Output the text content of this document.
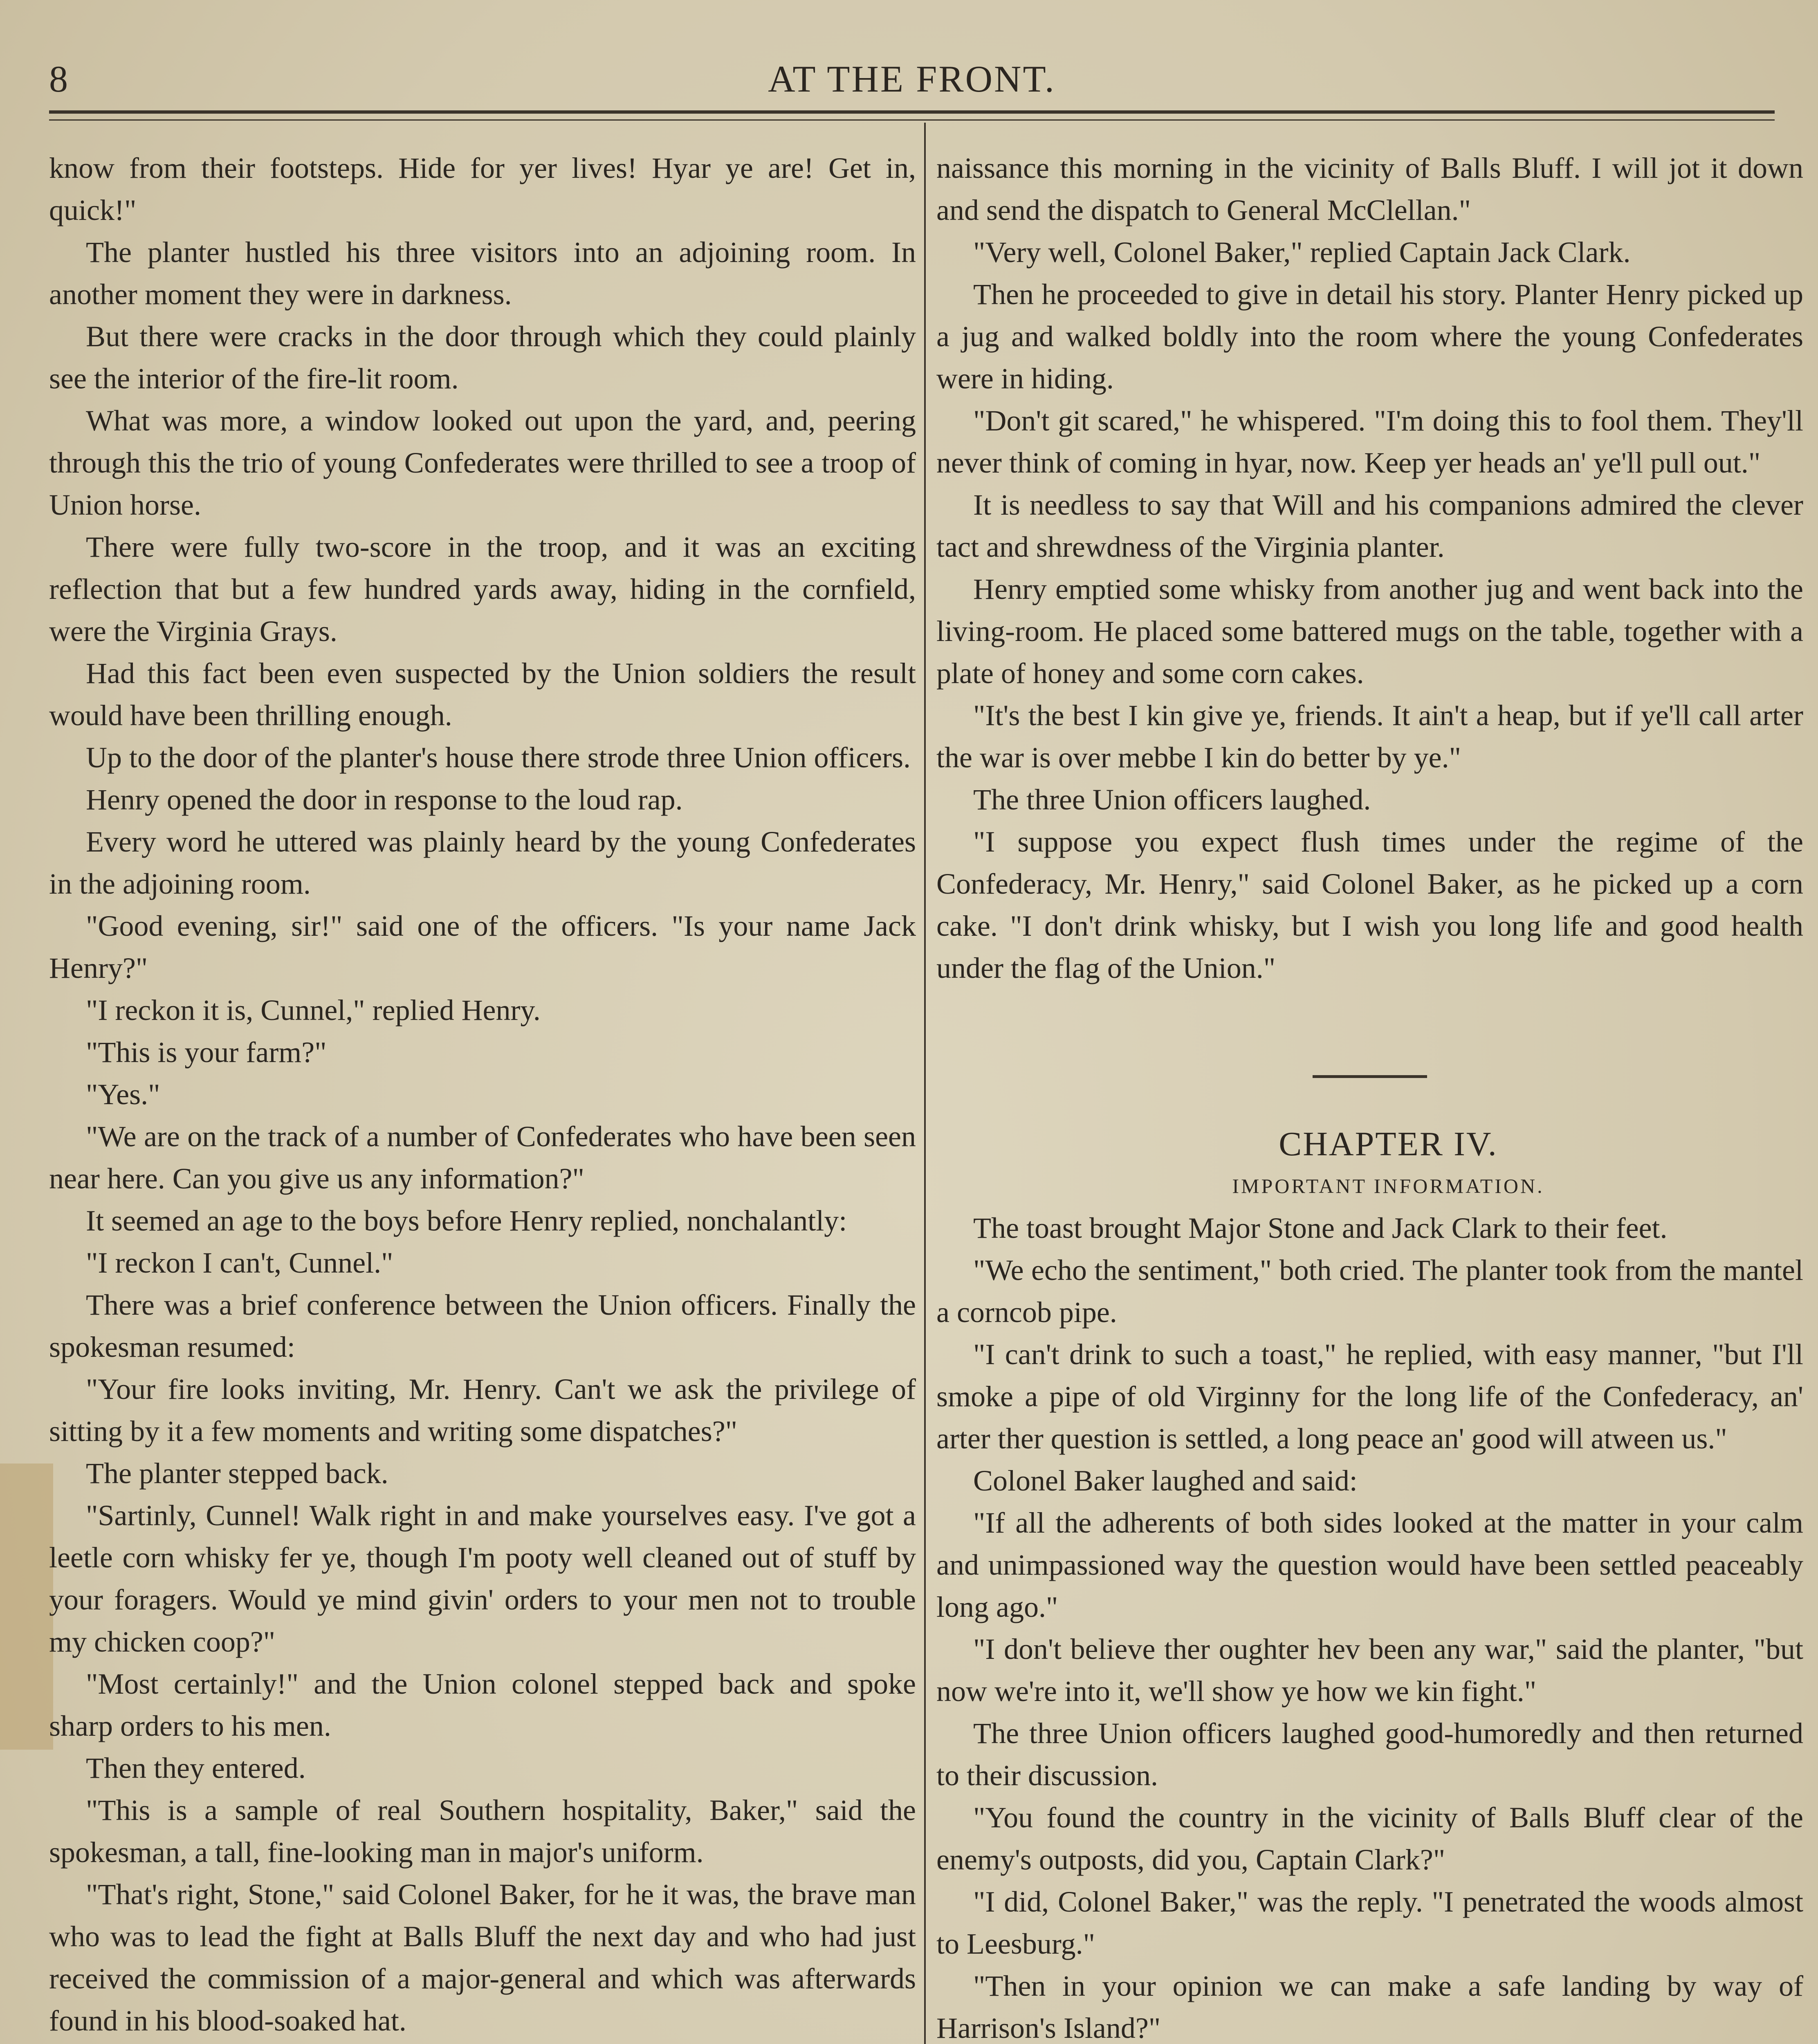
8	AT THE FRONT.

know from their footsteps. Hide for yer lives! Hyar ye are! Get in, quick!"

The planter hustled his three visitors into an adjoining room. In another moment they were in darkness.

But there were cracks in the door through which they could plainly see the interior of the fire-lit room.

What was more, a window looked out upon the yard, and, peering through this the trio of young Confederates were thrilled to see a troop of Union horse.

There were fully two-score in the troop, and it was an exciting reflection that but a few hundred yards away, hiding in the cornfield, were the Virginia Grays.

Had this fact been even suspected by the Union soldiers the result would have been thrilling enough.

Up to the door of the planter's house there strode three Union officers.

Henry opened the door in response to the loud rap.

Every word he uttered was plainly heard by the young Confederates in the adjoining room.

"Good evening, sir!" said one of the officers. "Is your name Jack Henry?"

"I reckon it is, Cunnel," replied Henry.

"This is your farm?"

"Yes."

"We are on the track of a number of Confederates who have been seen near here. Can you give us any information?"

It seemed an age to the boys before Henry replied, nonchalantly:

"I reckon I can't, Cunnel."

There was a brief conference between the Union officers. Finally the spokesman resumed:

"Your fire looks inviting, Mr. Henry. Can't we ask the privilege of sitting by it a few moments and writing some dispatches?"

The planter stepped back.

"Sartinly, Cunnel! Walk right in and make yourselves easy. I've got a leetle corn whisky fer ye, though I'm pooty well cleaned out of stuff by your foragers. Would ye mind givin' orders to your men not to trouble my chicken coop?"

"Most certainly!" and the Union colonel stepped back and spoke sharp orders to his men.

Then they entered.

"This is a sample of real Southern hospitality, Baker," said the spokesman, a tall, fine-looking man in major's uniform.

"That's right, Stone," said Colonel Baker, for he it was, the brave man who was to lead the fight at Balls Bluff the next day and who had just received the commission of a major-general and which was afterwards found in his blood-soaked hat.

naissance this morning in the vicinity of Balls Bluff. I will jot it down and send the dispatch to General McClellan."

"Very well, Colonel Baker," replied Captain Jack Clark.

Then he proceeded to give in detail his story. Planter Henry picked up a jug and walked boldly into the room where the young Confederates were in hiding.

"Don't git scared," he whispered. "I'm doing this to fool them. They'll never think of coming in hyar, now. Keep yer heads an' ye'll pull out."

It is needless to say that Will and his companions admired the clever tact and shrewdness of the Virginia planter.

Henry emptied some whisky from another jug and went back into the living-room. He placed some battered mugs on the table, together with a plate of honey and some corn cakes.

"It's the best I kin give ye, friends. It ain't a heap, but if ye'll call arter the war is over mebbe I kin do better by ye."

The three Union officers laughed.

"I suppose you expect flush times under the regime of the Confederacy, Mr. Henry," said Colonel Baker, as he picked up a corn cake. "I don't drink whisky, but I wish you long life and good health under the flag of the Union."

CHAPTER IV.

IMPORTANT INFORMATION.

The toast brought Major Stone and Jack Clark to their feet.

"We echo the sentiment," both cried. The planter took from the mantel a corncob pipe.

"I can't drink to such a toast," he replied, with easy manner, "but I'll smoke a pipe of old Virginny for the long life of the Confederacy, an' arter ther question is settled, a long peace an' good will atween us."

Colonel Baker laughed and said:

"If all the adherents of both sides looked at the matter in your calm and unimpassioned way the question would have been settled peaceably long ago."

"I don't believe ther oughter hev been any war," said the planter, "but now we're into it, we'll show ye how we kin fight."

The three Union officers laughed good-humoredly and then returned to their discussion.

"You found the country in the vicinity of Balls Bluff clear of the enemy's outposts, did you, Captain Clark?"

"I did, Colonel Baker," was the reply. "I penetrated the woods almost to Leesburg."

"Then in your opinion we can make a safe landing by way of Harrison's Island?"
